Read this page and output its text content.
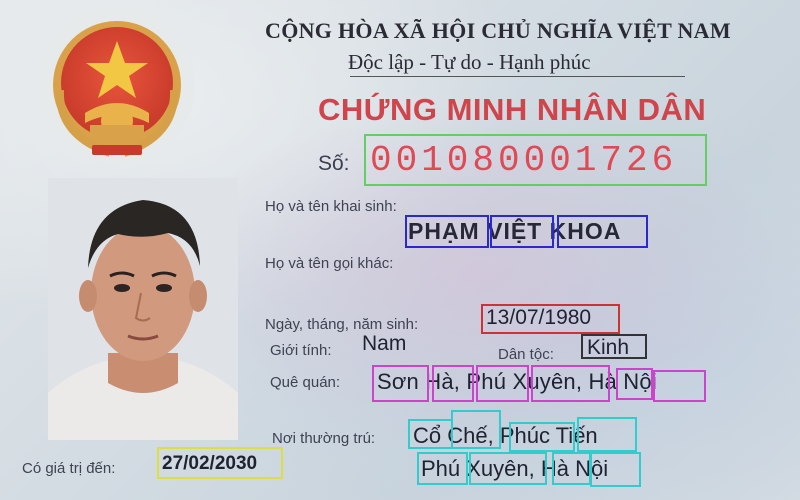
CỘNG HÒA XÃ HỘI CHỦ NGHĨA VIỆT NAM
Độc lập - Tự do - Hạnh phúc
CHỨNG MINH NHÂN DÂN
Số: 001080001726
Họ và tên khai sinh:
PHẠM VIỆT KHOA
Họ và tên gọi khác:
Ngày, tháng, năm sinh:	13/07/1980
Giới tính: Nam	Dân tộc: Kinh
Quê quán: Sơn Hà, Phú Xuyên, Hà Nội
Nơi thường trú: Cổ Chế, Phúc Tiến
Phú Xuyên, Hà Nội
Có giá trị đến: 27/02/2030
